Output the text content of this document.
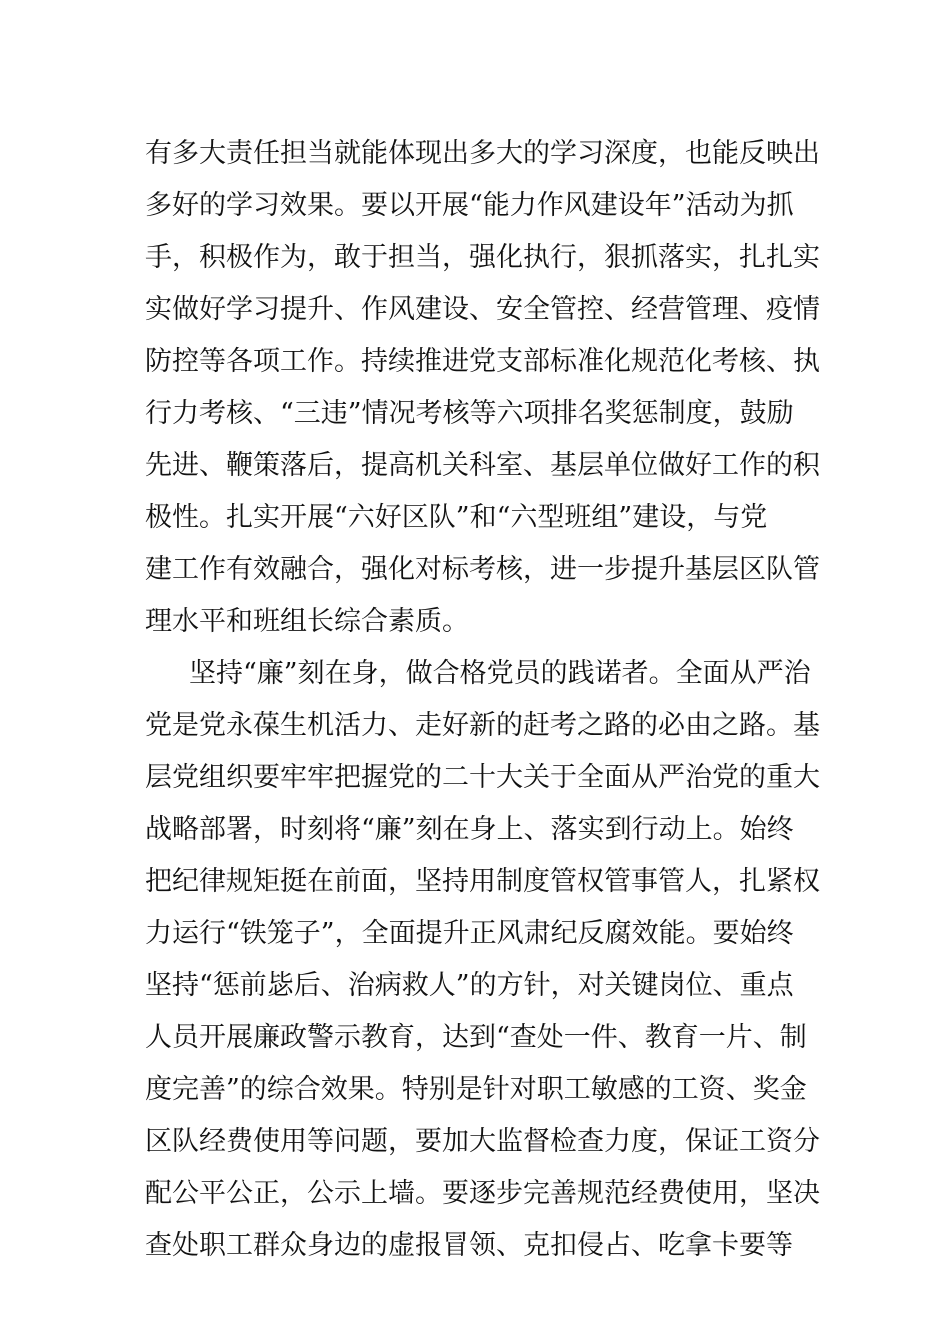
有多大责任担当就能体现出多大的学习深度，也能反映出
多好的学习效果。要以开展“能力作风建设年”活动为抓
手，积极作为，敢于担当，强化执行，狠抓落实，扎扎实
实做好学习提升、作风建设、安全管控、经营管理、疫情
防控等各项工作。持续推进党支部标准化规范化考核、执
行力考核、“三违”情况考核等六项排名奖惩制度，鼓励
先进、鞭策落后，提高机关科室、基层单位做好工作的积
极性。扎实开展“六好区队”和“六型班组”建设，与党
建工作有效融合，强化对标考核，进一步提升基层区队管
理水平和班组长综合素质。
坚持“廉”刻在身，做合格党员的践诺者。全面从严治
党是党永葆生机活力、走好新的赶考之路的必由之路。基
层党组织要牢牢把握党的二十大关于全面从严治党的重大
战略部署，时刻将“廉”刻在身上、落实到行动上。始终
把纪律规矩挺在前面，坚持用制度管权管事管人，扎紧权
力运行“铁笼子”，全面提升正风肃纪反腐效能。要始终
坚持“惩前毖后、治病救人”的方针，对关键岗位、重点
人员开展廉政警示教育，达到“查处一件、教育一片、制
度完善”的综合效果。特别是针对职工敏感的工资、奖金
区队经费使用等问题，要加大监督检查力度，保证工资分
配公平公正，公示上墙。要逐步完善规范经费使用，坚决
查处职工群众身边的虚报冒领、克扣侵占、吃拿卡要等
